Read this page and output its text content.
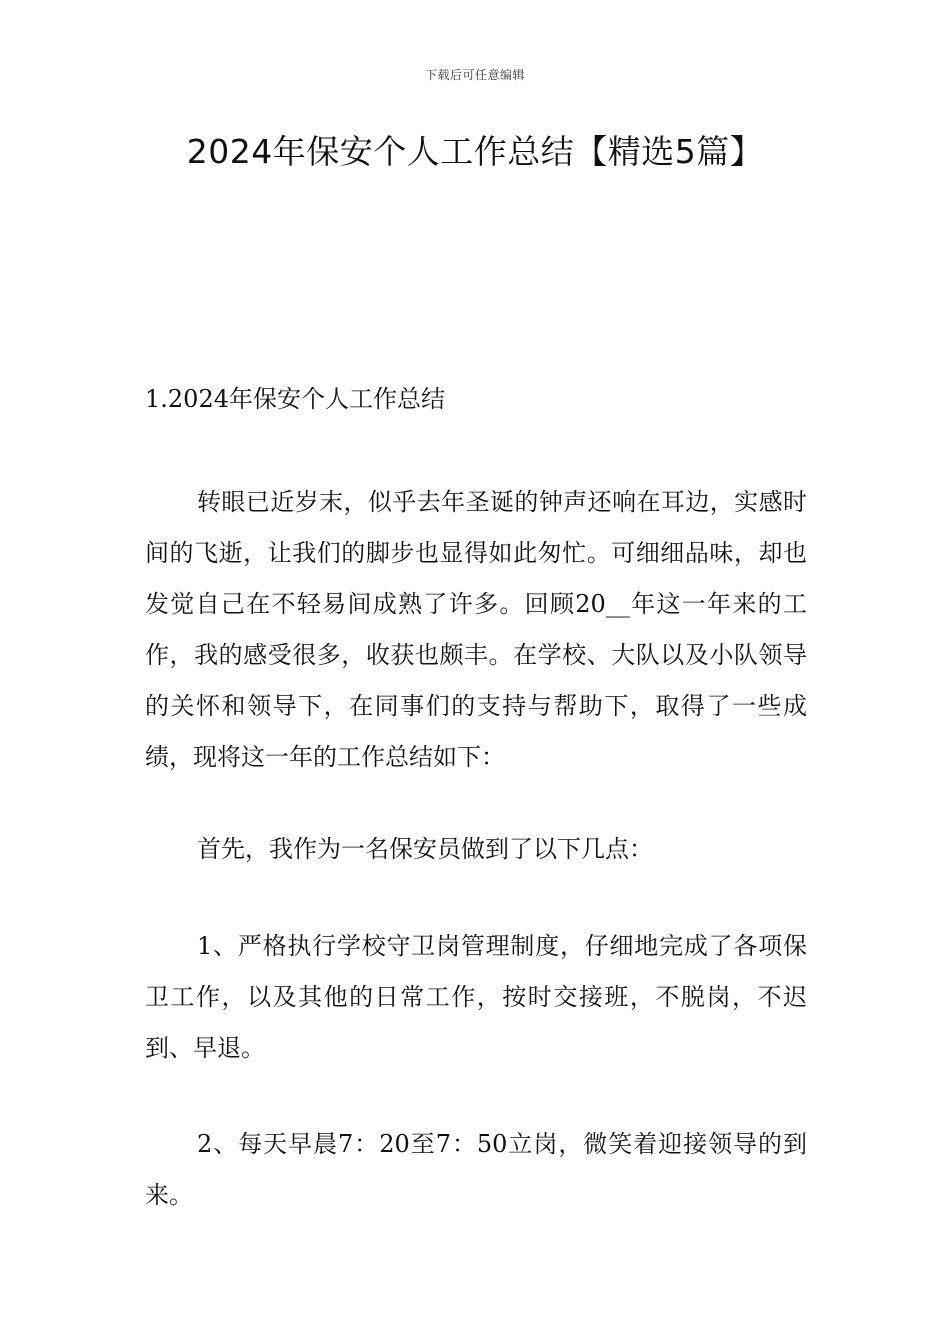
下载后可任意编辑
2024年保安个人工作总结【精选5篇】
1.2024年保安个人工作总结

转眼已近岁末，似乎去年圣诞的钟声还响在耳边，实感时间的飞逝，让我们的脚步也显得如此匆忙。可细细品味，却也发觉自己在不轻易间成熟了许多。回顾20__年这一年来的工作，我的感受很多，收获也颇丰。在学校、大队以及小队领导的关怀和领导下，在同事们的支持与帮助下，取得了一些成绩，现将这一年的工作总结如下：

首先，我作为一名保安员做到了以下几点：

1、严格执行学校守卫岗管理制度，仔细地完成了各项保卫工作，以及其他的日常工作，按时交接班，不脱岗，不迟到、早退。

2、每天早晨7：20至7：50立岗，微笑着迎接领导的到来。
